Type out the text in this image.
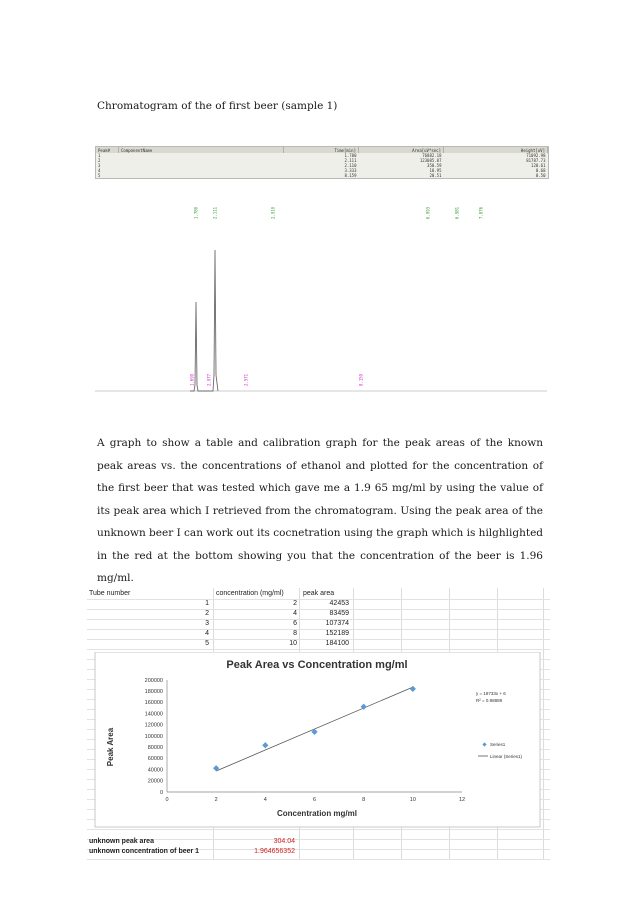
Chromatogram of the of first beer (sample 1)
Peak#	ComponentName	Time[min]	Area[uV*sec]	Height[uV]
1		1.780	76882.18	71092.98
2		2.111	123085.87	81787.73
3		2.110	350.59	120.61
4		3.333	18.95	0.68
5		8.159	20.51	0.50
1.780	2.111	2.910	6.093	6.981	7.876
1.699	2.077	2.571	8.159

A graph to show a table and calibration graph for the peak areas of the known peak areas vs. the concentrations of ethanol and plotted for the concentration of the first beer that was tested which gave me a 1.9 65 mg/ml by using the value of its peak area which I retrieved from the chromatogram. Using the peak area of the unknown beer I can work out its cocnetration using the graph which is hilghlighted in the red at the bottom showing you that the concentration of the beer is 1.96 mg/ml.

Tube number	concentration (mg/ml)	peak area
1	2	42453
2	4	83459
3	6	107374
4	8	152189
5	10	184100
Peak Area vs Concentration mg/ml
Peak Area
Concentration mg/ml
0
20000
40000
60000
80000
100000
120000
140000
160000
180000
200000
0	2	4	6	8	10	12
y = 18733x + 6
R² = 0.98889
Series1
Linear (Series1)
unknown peak area	304.04
unknown concentration of beer 1	1.964656352
